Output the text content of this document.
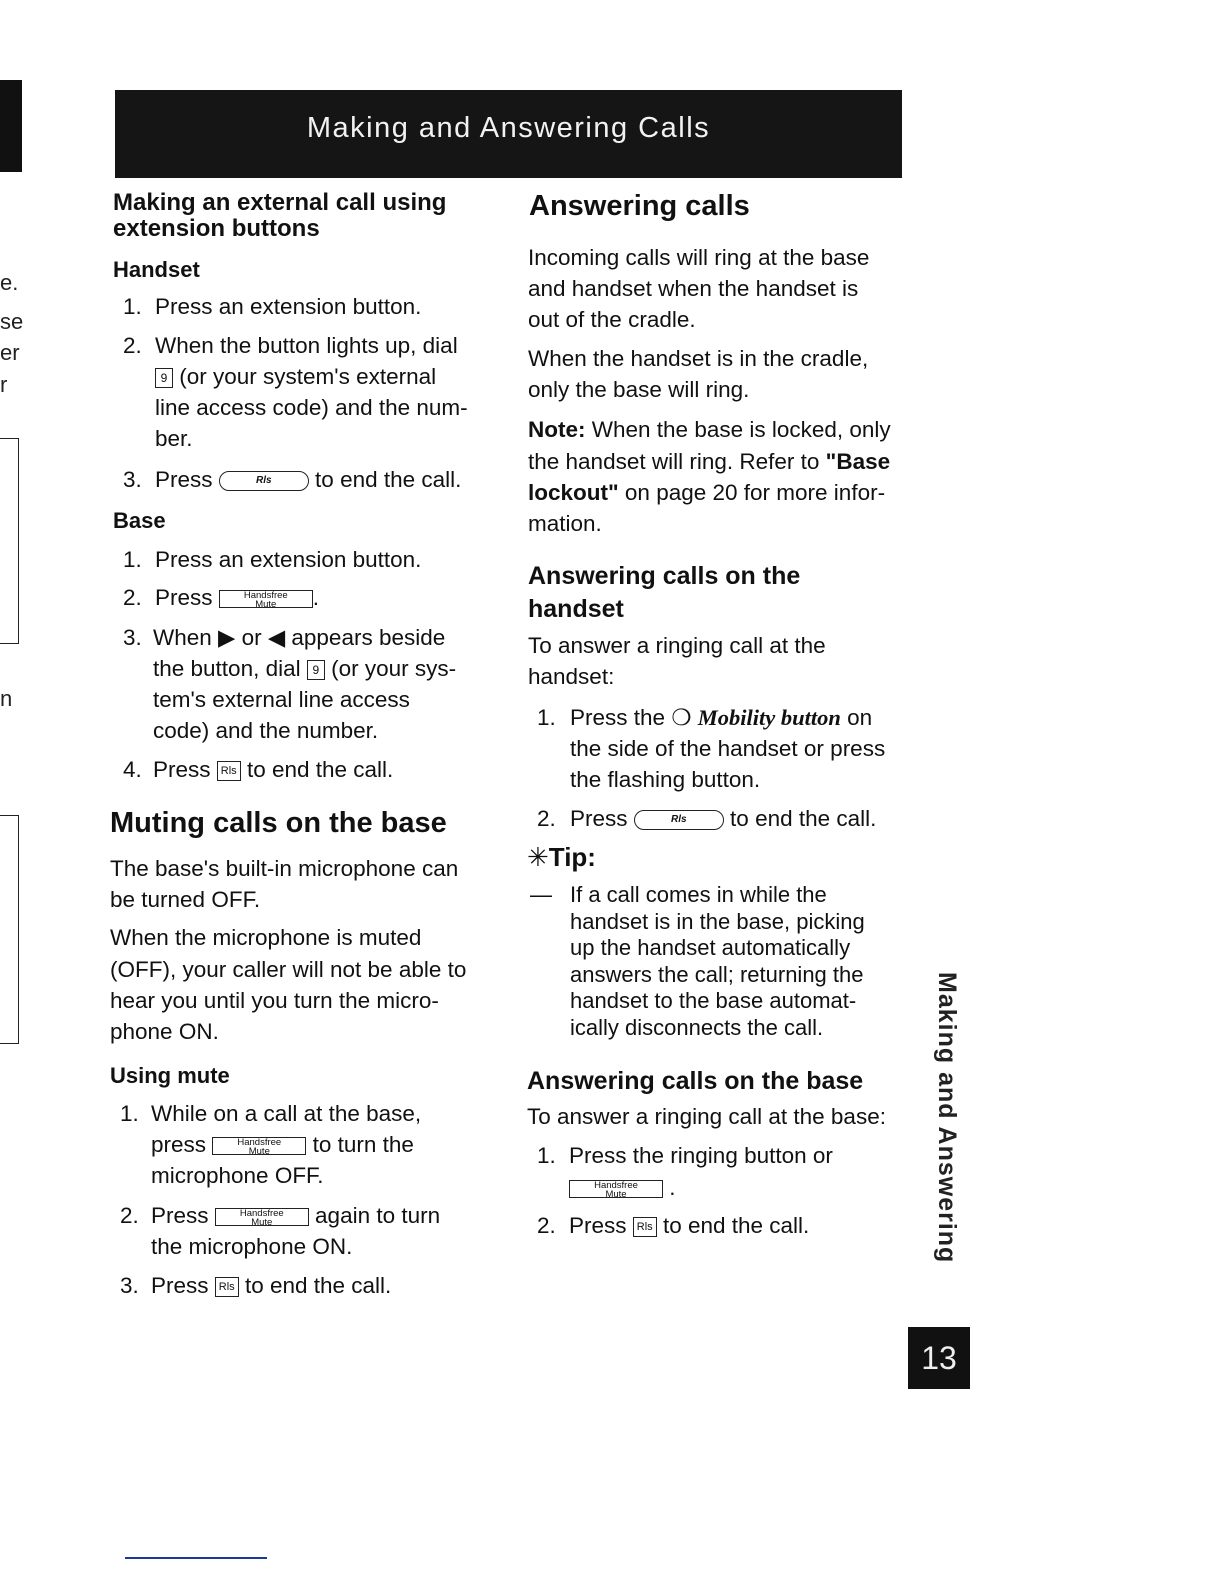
Making and Answering Calls
e.
se
er
r
n
Making an external call using extension buttons
Handset
1. Press an extension button.
2. When the button lights up, dial
9 (or your system's external
line access code) and the num-
ber.
3. Press	Rls to end the call.
Base
1. Press an extension button.
2. Press	Handsfree
Mute .
3. When ▶ or ◀ appears beside
the button, dial 9 (or your sys-
tem's external line access
code) and the number.
4. Press Rls to end the call.
Muting calls on the base

The base's built-in microphone can

be turned OFF.

When the microphone is muted

(OFF), your caller will not be able to

hear you until you turn the micro-

phone ON.

Using mute
1. While on a call at the base,
press	Handsfree
Mute to turn the
microphone OFF.
2. Press	Handsfree
Mute again to turn
the microphone ON.
3. Press Rls to end the call.
Answering calls

Incoming calls will ring at the base

and handset when the handset is

out of the cradle.

When the handset is in the cradle,

only the base will ring.

Note: When the base is locked, only

the handset will ring. Refer to "Base

lockout" on page 20 for more infor-

mation.

Answering calls on the
handset

To answer a ringing call at the

handset:

1. Press the ❍ Mobility button on
the side of the handset or press
the flashing button.
2. Press	Rls to end the call.
✳Tip:
— If a call comes in while the
handset is in the base, picking
up the handset automatically
answers the call; returning the
handset to the base automat-
ically disconnects the call.
Answering calls on the base

To answer a ringing call at the base:

1. Press the ringing button or
Handsfree
Mute .
2. Press Rls to end the call.	Making and Answering
13
